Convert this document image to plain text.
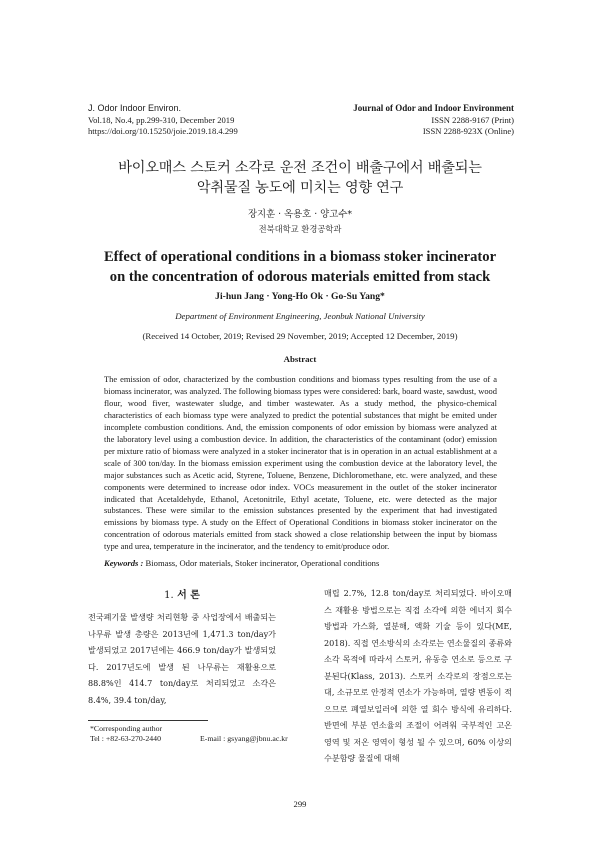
J. Odor Indoor Environ.
Vol.18, No.4, pp.299-310, December 2019
https://doi.org/10.15250/joie.2019.18.4.299
Journal of Odor and Indoor Environment
ISSN 2288-9167 (Print)
ISSN 2288-923X (Online)
바이오매스 스토커 소각로 운전 조건이 배출구에서 배출되는
악취물질 농도에 미치는 영향 연구
장지훈 · 옥용호 · 양고수*
전북대학교 환경공학과
Effect of operational conditions in a biomass stoker incinerator
on the concentration of odorous materials emitted from stack
Ji-hun Jang · Yong-Ho Ok · Go-Su Yang*
Department of Environment Engineering, Jeonbuk National University
(Received 14 October, 2019; Revised 29 November, 2019; Accepted 12 December, 2019)
Abstract

The emission of odor, characterized by the combustion conditions and biomass types resulting from the use of a biomass incinerator, was analyzed. The following biomass types were considered: bark, board waste, sawdust, wood flour, wood fiver, wastewater sludge, and timber wastewater. As a study method, the physico-chemical characteristics of each biomass type were analyzed to predict the potential substances that might be emited under incomplete combustion conditions. And, the emission components of odor emission by biomass were analyzed at the laboratory level using a combustion device. In addition, the characteristics of the contaminant (odor) emission per mixture ratio of biomass were analyzed in a stoker incinerator that is in operation in an actual establishment at a scale of 300 ton/day. In the biomass emission experiment using the combustion device at the laboratory level, the major substances such as Acetic acid, Styrene, Toluene, Benzene, Dichloromethane, etc. were analyzed, and these components were determined to increase odor index. VOCs measurement in the outlet of the stoker incinerator indicated that Acetaldehyde, Ethanol, Acetonitrile, Ethyl acetate, Toluene, etc. were detected as the major substances. These were similar to the emission substances presented by the experiment that had investigated emissions by biomass type. A study on the Effect of Operational Conditions in biomass stoker incinerator on the concentration of odorous materials emitted from stack showed a close relationship between the input by biomass type and urea, temperature in the incinerator, and the tendency to emit/produce odor.

Keywords : Biomass, Odor materials, Stoker incinerator, Operational conditions
1. 서 론

전국폐기물 발생량 처리현황 중 사업장에서 배출되는 나무류 발생 총량은 2013년에 1,471.3 ton/day가 발생되었고 2017년에는 466.9 ton/day가 발생되었다. 2017년도에 발생 된 나무류는 재활용으로 88.8%인 414.7 ton/day로 처리되었고 소각은 8.4%, 39.4 ton/day,

매립 2.7%, 12.8 ton/day로 처리되었다. 바이오매스 재활용 방법으로는 직접 소각에 의한 에너지 회수방법과 가스화, 열분해, 액화 기술 등이 있다(ME, 2018). 직접 연소방식의 소각로는 연소물질의 종류와 소각 목적에 따라서 스토커, 유동층 연소로 등으로 구분된다(Klass, 2013). 스토커 소각로의 장점으로는 대, 소규모로 안정적 연소가 가능하며, 열량 변동이 적으므로 폐열보일러에 의한 열 회수 방식에 유리하다. 반면에 부분 연소율의 조절이 어려워 국부적인 고온 영역 및 저온 영역이 형성 될 수 있으며, 60% 이상의 수분함량 물질에 대해

*Corresponding author
Tel : +82-63-270-2440	E-mail : gsyang@jbnu.ac.kr
299
